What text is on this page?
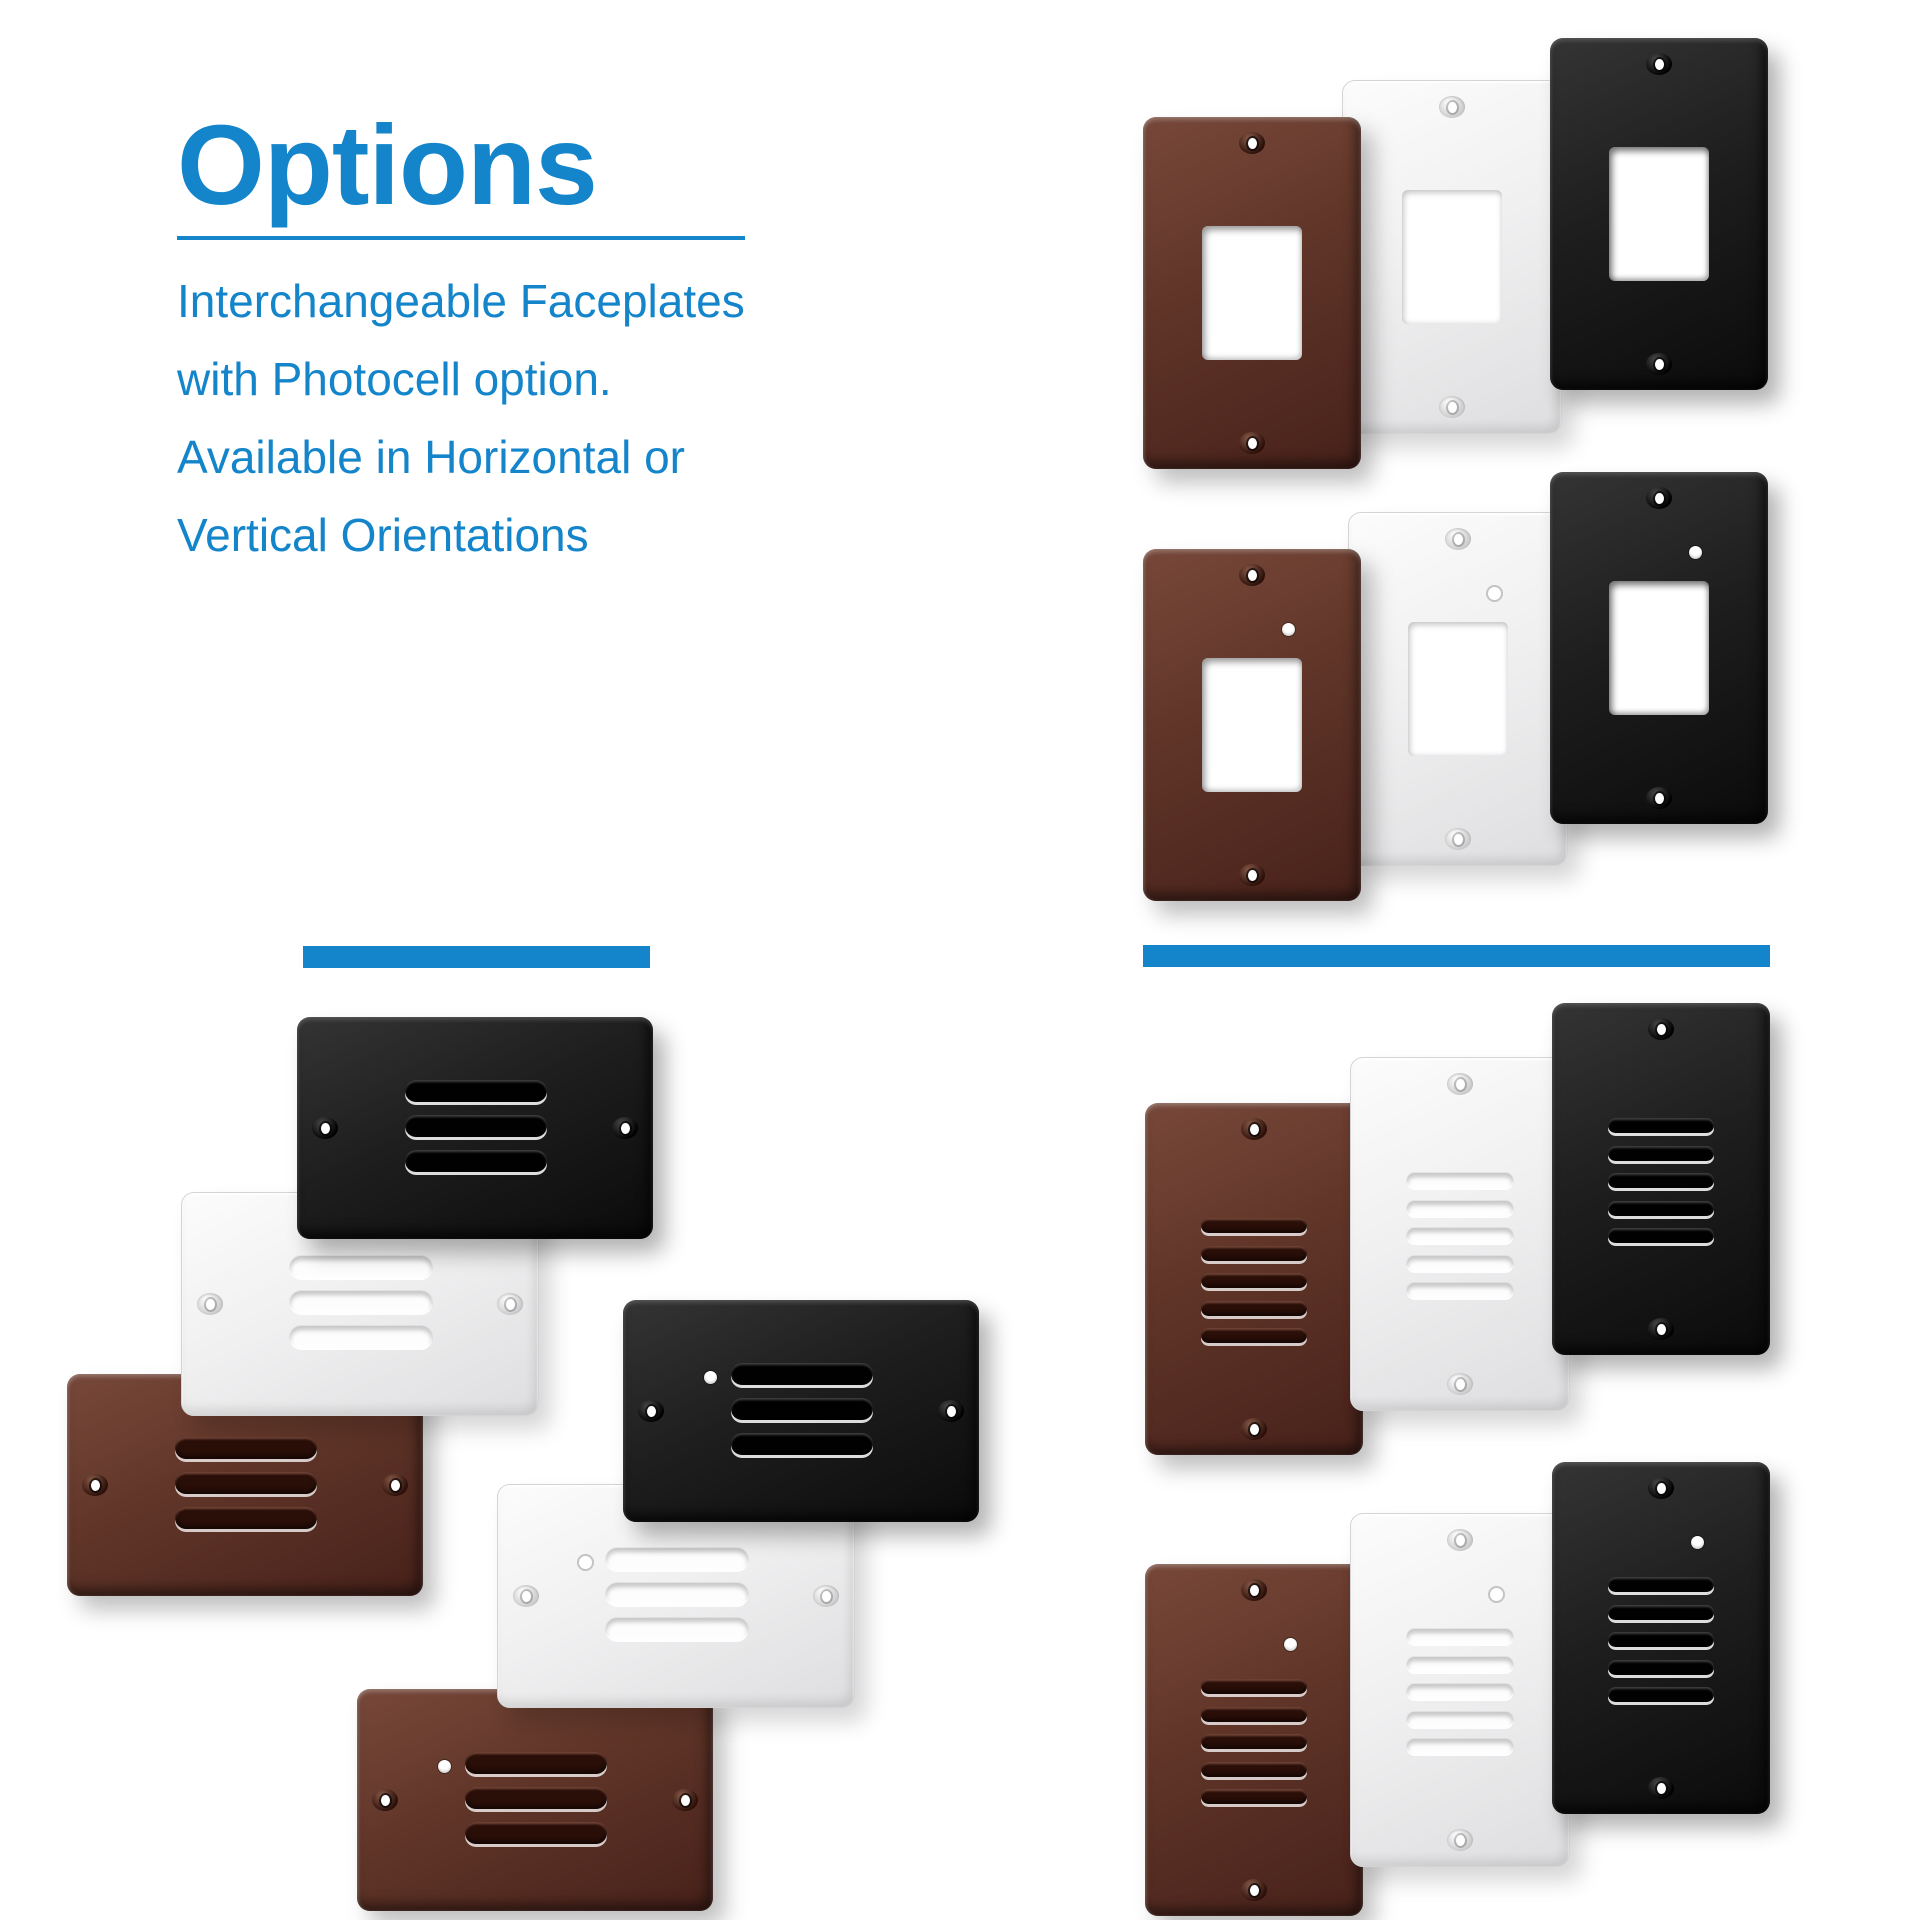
Options
Interchangeable Faceplates
with Photocell option.
Available in Horizontal or
Vertical Orientations
